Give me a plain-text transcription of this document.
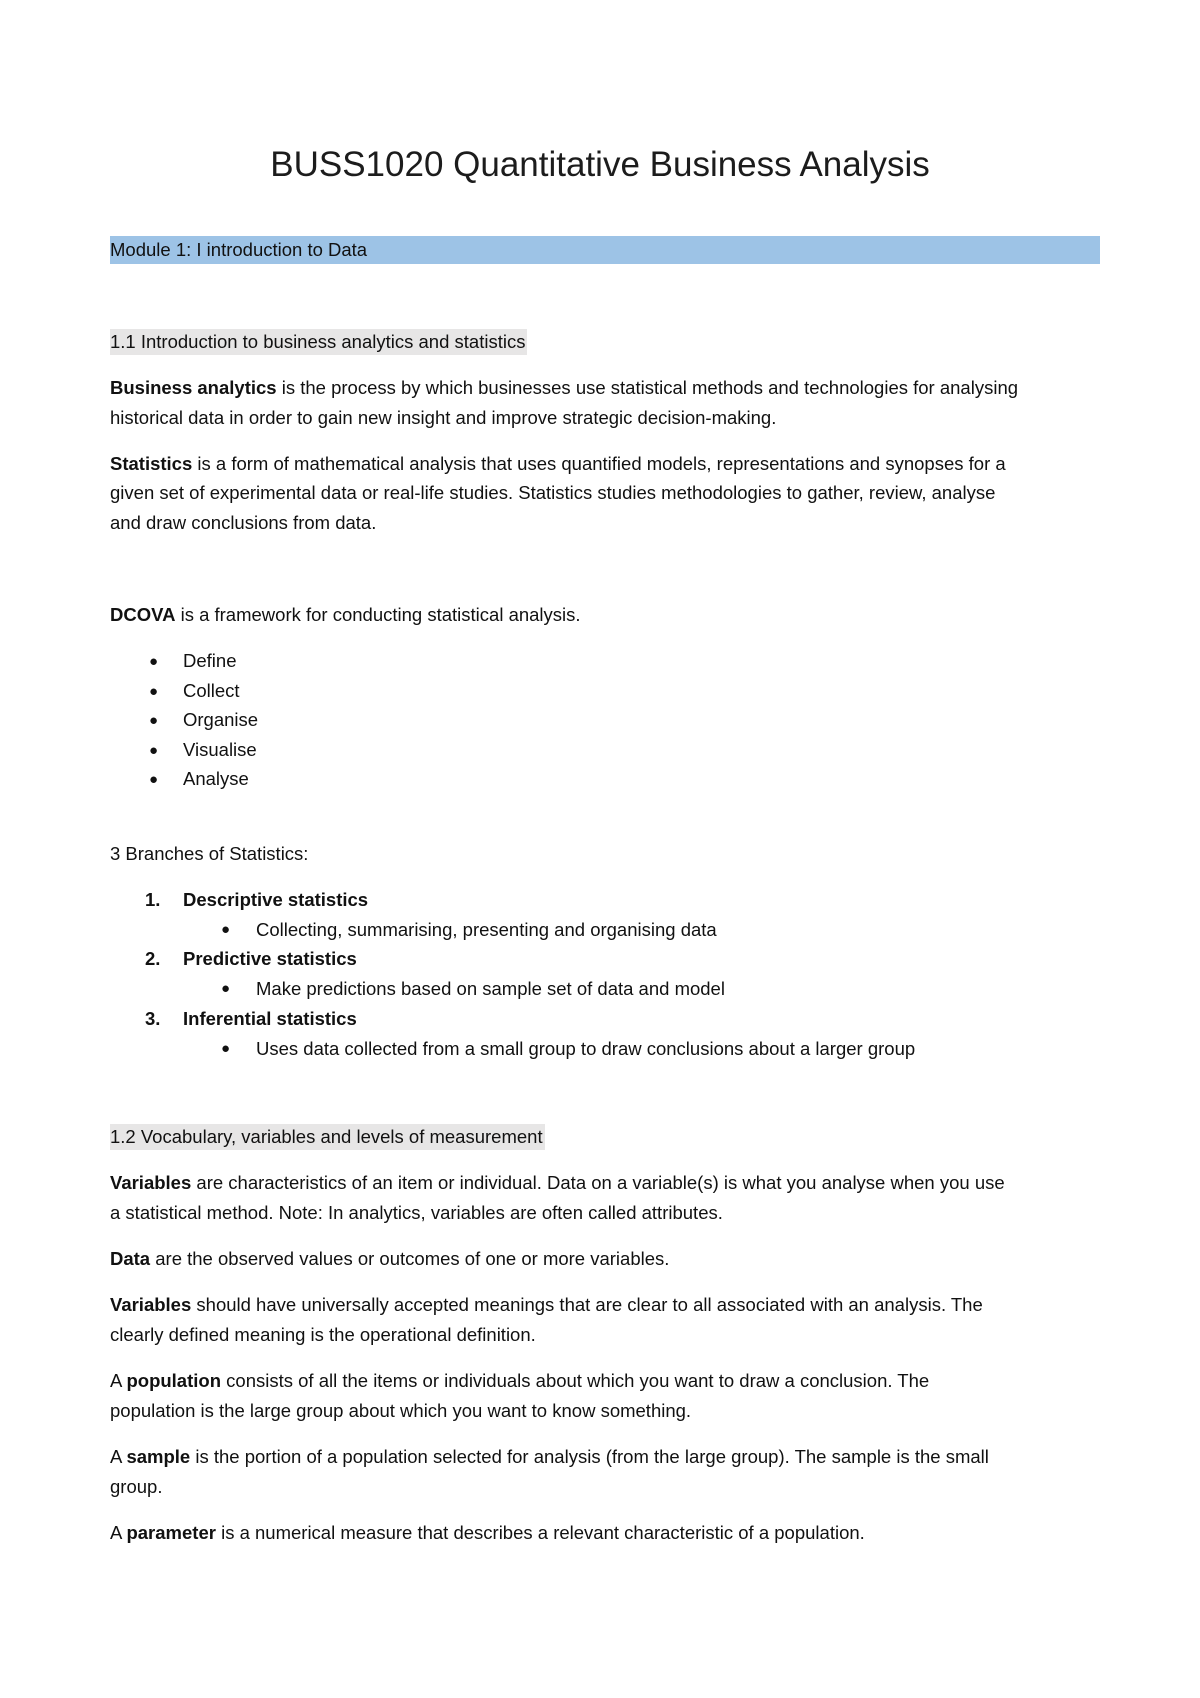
BUSS1020 Quantitative Business Analysis
Module 1: I introduction to Data
1.1 Introduction to business analytics and statistics
Business analytics is the process by which businesses use statistical methods and technologies for analysing
historical data in order to gain new insight and improve strategic decision-making.
Statistics is a form of mathematical analysis that uses quantified models, representations and synopses for a
given set of experimental data or real-life studies. Statistics studies methodologies to gather, review, analyse
and draw conclusions from data.
DCOVA is a framework for conducting statistical analysis.
● Define
● Collect
● Organise
● Visualise
● Analyse
3 Branches of Statistics:
1. Descriptive statistics
● Collecting, summarising, presenting and organising data
2. Predictive statistics
● Make predictions based on sample set of data and model
3. Inferential statistics
● Uses data collected from a small group to draw conclusions about a larger group
1.2 Vocabulary, variables and levels of measurement
Variables are characteristics of an item or individual. Data on a variable(s) is what you analyse when you use
a statistical method. Note: In analytics, variables are often called attributes.
Data are the observed values or outcomes of one or more variables.
Variables should have universally accepted meanings that are clear to all associated with an analysis. The
clearly defined meaning is the operational definition.
A population consists of all the items or individuals about which you want to draw a conclusion. The
population is the large group about which you want to know something.
A sample is the portion of a population selected for analysis (from the large group). The sample is the small
group.
A parameter is a numerical measure that describes a relevant characteristic of a population.
